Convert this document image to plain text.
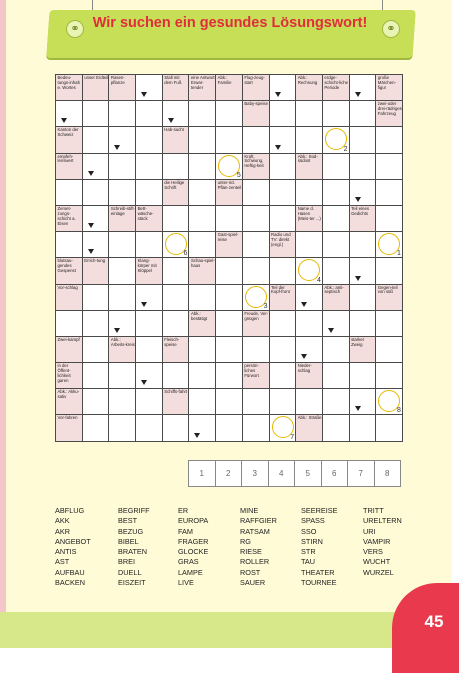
45
⚭	⚭
Wir suchen ein gesundes Lösungswort!
Bedeu-tungs-inhalt e. Wortes	unser Erdteil	Rasen-pflanze		Stall mit dem Fuß	eine Antwort Erwar-tender	Abk.: Familie	Flug-zeug-start		Abk.: Rechnung	erdge-schicht-liche Periode		große Märchen-figur
							Baby-speise					zwei-oder drei-rädriges Fahrzeug
Kanton der Schweiz				Hab-sucht						2		

empfeh-lenswert						5	Kraft, Schwung, Heftig-keit		Abk.: Süd-südost			
				die Heilige Schrift		unter-ird. Pflan-zenteil						
Zerset-zungs-schicht a. Eisen		Schreib-stift-einlage	Bett-wäsche-stück						Name d. Hasen (Meis-ter ...)		Teil eines Gedichts	

				6		Gast-spiel-reise		Radio und TV: direkt (engl.)				1

blutsau-gendes Gespenst	Errich-tung		Klang-körper mit Klöppel		Schau-spiel-haus				4			

Vor-schlag							3	Teil der Kopf-front		Abk.: anti-septisch		Gegen-teil von süß
					Abk.: bestätigt		Freude, Ver-gnügen					
Zwei-kampf		Abk.: Arbeits-kreis		Fleisch-speise							starker Zweig	
in der Öffent-lichkeit garen							persön-liches Fürwort		Nieder-schlag			
Abk.: Akku-sativ				Schiffs-fahrt								8

Vor-fahren								7	Abk.: Straße			
1	2	3	4	5	6	7	8
ABFLUG
AKK
AKR
ANGEBOT
ANTIS
AST
AUFBAU
BACKEN
BEGRIFF
BEST
BEZUG
BIBEL
BRATEN
BREI
DUELL
EISZEIT
ER
EUROPA
FAM
FRAGER
GLOCKE
GRAS
LAMPE
LIVE
MINE
RAFFGIER
RATSAM
RG
RIESE
ROLLER
ROST
SAUER
SEEREISE
SPASS
SSO
STIRN
STR
TAU
THEATER
TOURNEE
TRITT
URELTERN
URI
VAMPIR
VERS
WUCHT
WURZEL
